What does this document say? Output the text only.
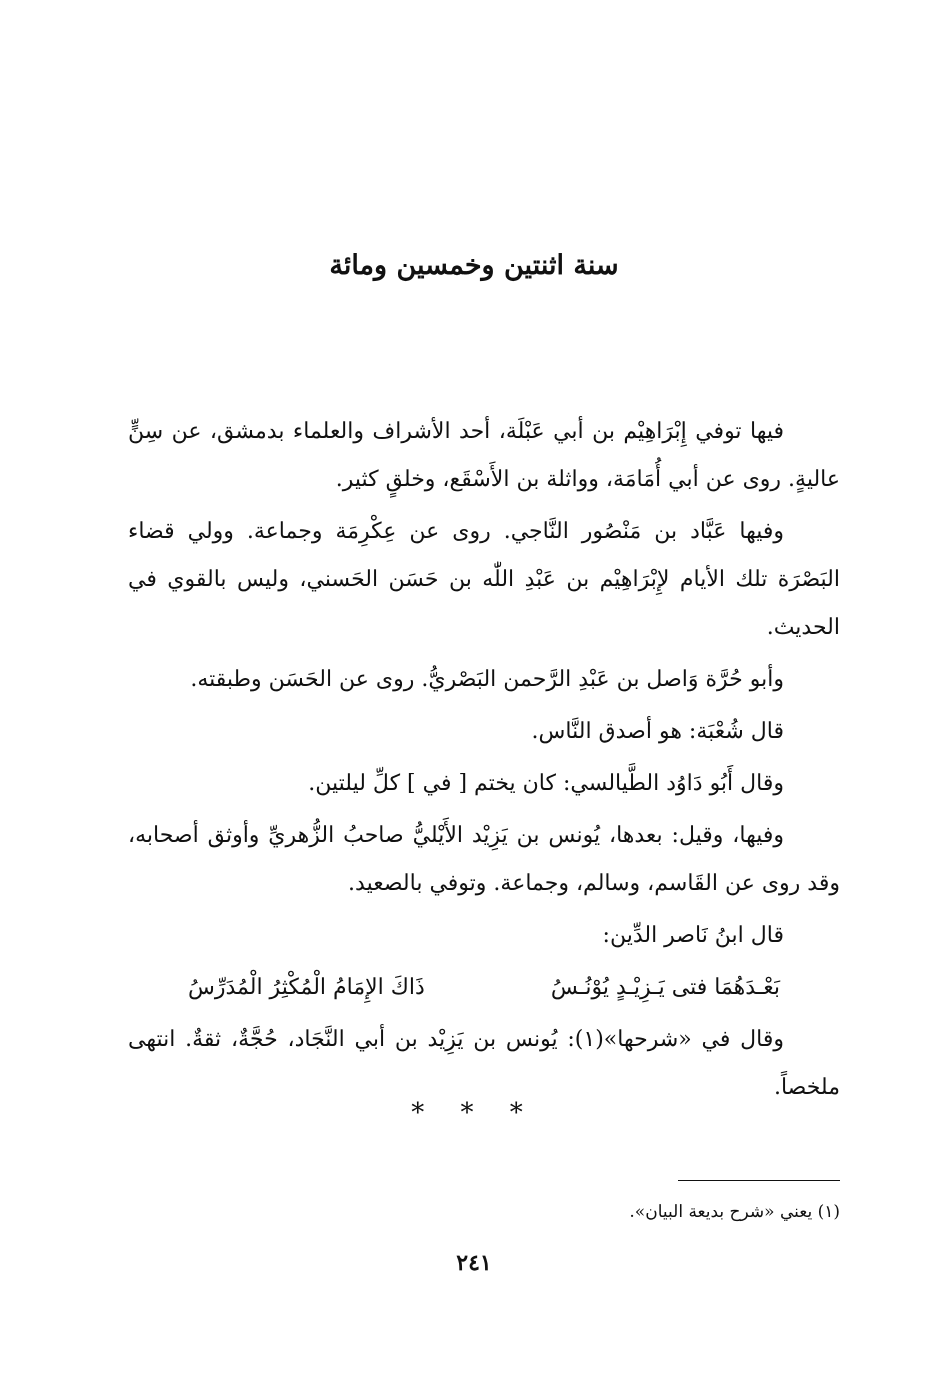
سنة اثنتين وخمسين ومائة

فيها توفي إِبْرَاهِيْم بن أبي عَبْلَة، أحد الأشراف والعلماء بدمشق، عن سِنٍّ عاليةٍ. روى عن أبي أُمَامَة، وواثلة بن الأَسْقَع، وخلقٍ كثير.

وفيها عَبَّاد بن مَنْصُور النَّاجي. روى عن عِكْرِمَة وجماعة. وولي قضاء البَصْرَة تلك الأيام لإِبْرَاهِيْم بن عَبْدِ اللّٰه بن حَسَن الحَسني، وليس بالقوي في الحديث.

وأبو حُرَّة وَاصل بن عَبْدِ الرَّحمن البَصْريُّ. روى عن الحَسَن وطبقته.

قال شُعْبَة: هو أصدق النَّاس.

وقال أَبُو دَاوُد الطَّيالسي: كان يختم [ في ] كلِّ ليلتين.

وفيها، وقيل: بعدها، يُونس بن يَزِيْد الأَيْليُّ صاحبُ الزُّهريِّ وأوثق أصحابه، وقد روى عن القَاسم، وسالم، وجماعة. وتوفي بالصعيد.

قال ابنُ نَاصر الدِّين:

بَعْـدَهُمَا فتى يَـزِيْـدٍ يُوْنُـسُ
ذَاكَ الإِمَامُ الْمُكْثِرُ الْمُدَرِّسُ

وقال في «شرحها»(١): يُونس بن يَزِيْد بن أبي النَّجَاد، حُجَّةٌ، ثقةٌ. انتهى ملخصاً.

* * *
(١) يعني «شرح بديعة البيان».
٢٤١
